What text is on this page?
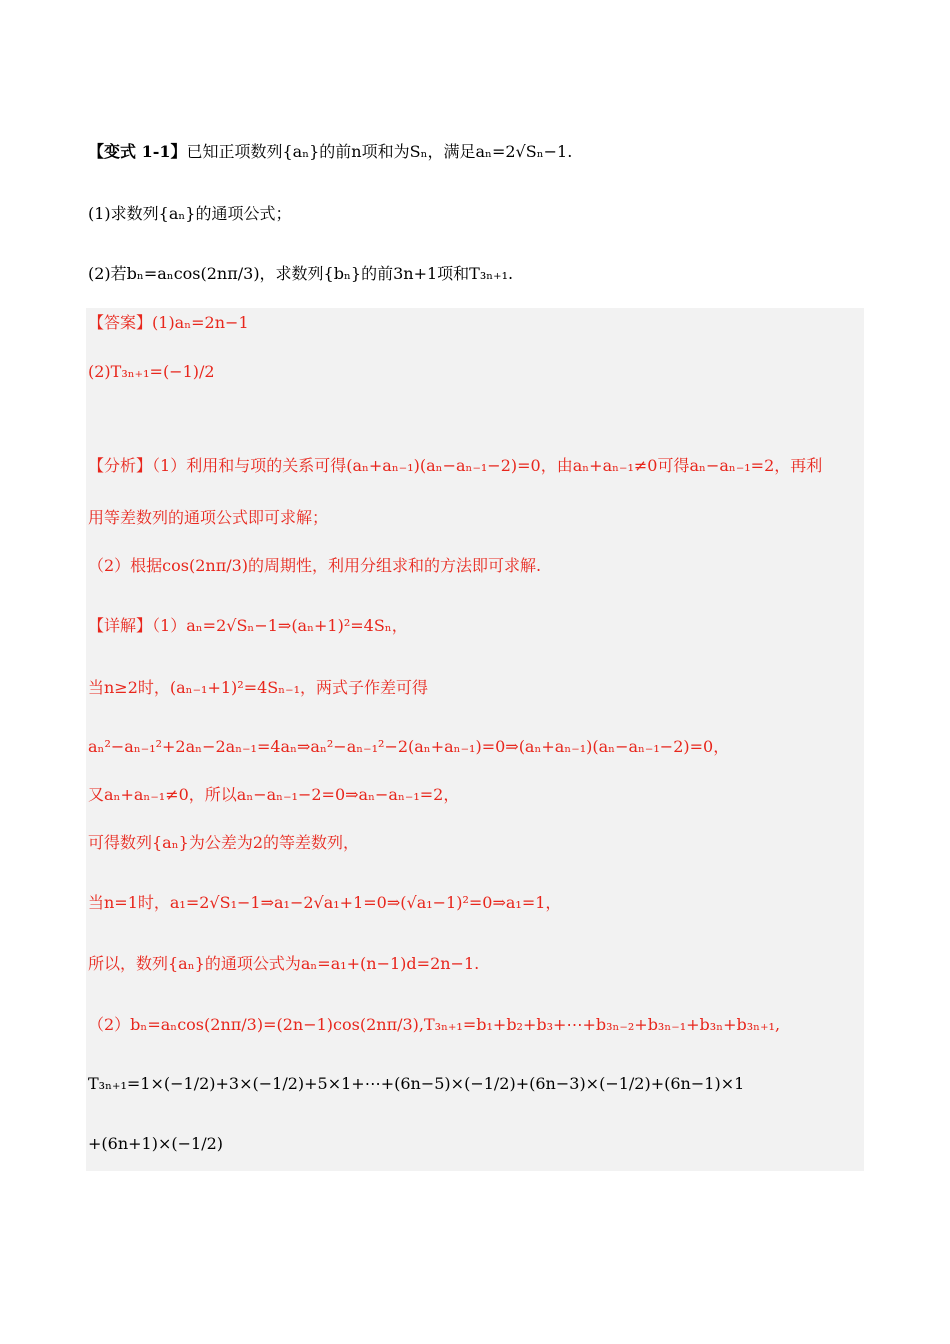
【变式 1-1】已知正项数列{aₙ}的前n项和为Sₙ，满足aₙ=2√Sₙ−1.
(1)求数列{aₙ}的通项公式；
(2)若bₙ=aₙcos(2nπ/3)，求数列{bₙ}的前3n+1项和T₃ₙ₊₁.
【答案】(1)aₙ=2n−1
(2)T₃ₙ₊₁=(−1)/2
【分析】（1）利用和与项的关系可得(aₙ+aₙ₋₁)(aₙ−aₙ₋₁−2)=0，由aₙ+aₙ₋₁≠0可得aₙ−aₙ₋₁=2，再利
用等差数列的通项公式即可求解；
（2）根据cos(2nπ/3)的周期性，利用分组求和的方法即可求解.
【详解】（1）aₙ=2√Sₙ−1⇒(aₙ+1)²=4Sₙ，
当n≥2时，(aₙ₋₁+1)²=4Sₙ₋₁，两式子作差可得
aₙ²−aₙ₋₁²+2aₙ−2aₙ₋₁=4aₙ⇒aₙ²−aₙ₋₁²−2(aₙ+aₙ₋₁)=0⇒(aₙ+aₙ₋₁)(aₙ−aₙ₋₁−2)=0，
又aₙ+aₙ₋₁≠0，所以aₙ−aₙ₋₁−2=0⇒aₙ−aₙ₋₁=2，
可得数列{aₙ}为公差为2的等差数列，
当n=1时，a₁=2√S₁−1⇒a₁−2√a₁+1=0⇒(√a₁−1)²=0⇒a₁=1，
所以，数列{aₙ}的通项公式为aₙ=a₁+(n−1)d=2n−1.
（2）bₙ=aₙcos(2nπ/3)=(2n−1)cos(2nπ/3),T₃ₙ₊₁=b₁+b₂+b₃+⋯+b₃ₙ₋₂+b₃ₙ₋₁+b₃ₙ+b₃ₙ₊₁,
T₃ₙ₊₁=1×(−1/2)+3×(−1/2)+5×1+⋯+(6n−5)×(−1/2)+(6n−3)×(−1/2)+(6n−1)×1
+(6n+1)×(−1/2)
